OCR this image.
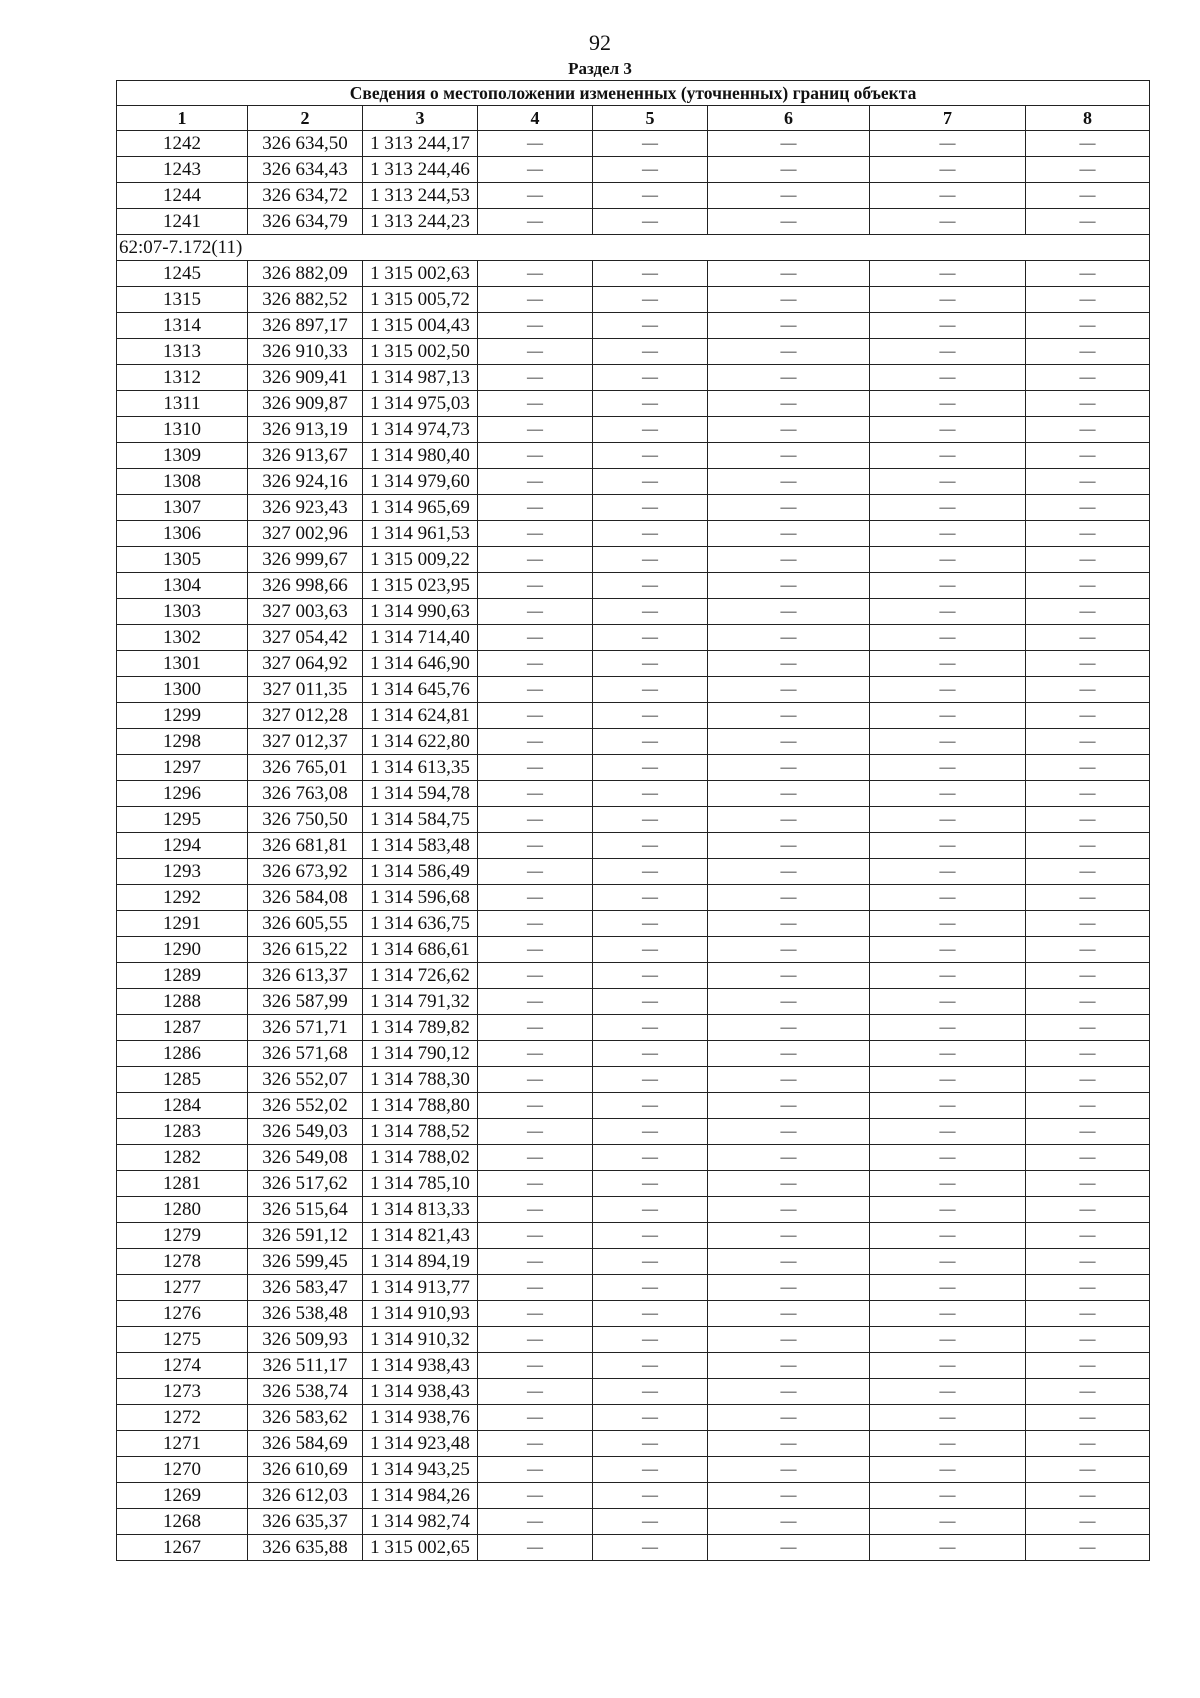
92
Раздел 3
Сведения о местоположении измененных (уточненных) границ объекта							
1	2	3	4	5	6	7	8
1242	326 634,50	1 313 244,17	—	—	—	—	—
1243	326 634,43	1 313 244,46	—	—	—	—	—
1244	326 634,72	1 313 244,53	—	—	—	—	—
1241	326 634,79	1 313 244,23	—	—	—	—	—
62:07-7.172(11)							
1245	326 882,09	1 315 002,63	—	—	—	—	—
1315	326 882,52	1 315 005,72	—	—	—	—	—
1314	326 897,17	1 315 004,43	—	—	—	—	—
1313	326 910,33	1 315 002,50	—	—	—	—	—
1312	326 909,41	1 314 987,13	—	—	—	—	—
1311	326 909,87	1 314 975,03	—	—	—	—	—
1310	326 913,19	1 314 974,73	—	—	—	—	—
1309	326 913,67	1 314 980,40	—	—	—	—	—
1308	326 924,16	1 314 979,60	—	—	—	—	—
1307	326 923,43	1 314 965,69	—	—	—	—	—
1306	327 002,96	1 314 961,53	—	—	—	—	—
1305	326 999,67	1 315 009,22	—	—	—	—	—
1304	326 998,66	1 315 023,95	—	—	—	—	—
1303	327 003,63	1 314 990,63	—	—	—	—	—
1302	327 054,42	1 314 714,40	—	—	—	—	—
1301	327 064,92	1 314 646,90	—	—	—	—	—
1300	327 011,35	1 314 645,76	—	—	—	—	—
1299	327 012,28	1 314 624,81	—	—	—	—	—
1298	327 012,37	1 314 622,80	—	—	—	—	—
1297	326 765,01	1 314 613,35	—	—	—	—	—
1296	326 763,08	1 314 594,78	—	—	—	—	—
1295	326 750,50	1 314 584,75	—	—	—	—	—
1294	326 681,81	1 314 583,48	—	—	—	—	—
1293	326 673,92	1 314 586,49	—	—	—	—	—
1292	326 584,08	1 314 596,68	—	—	—	—	—
1291	326 605,55	1 314 636,75	—	—	—	—	—
1290	326 615,22	1 314 686,61	—	—	—	—	—
1289	326 613,37	1 314 726,62	—	—	—	—	—
1288	326 587,99	1 314 791,32	—	—	—	—	—
1287	326 571,71	1 314 789,82	—	—	—	—	—
1286	326 571,68	1 314 790,12	—	—	—	—	—
1285	326 552,07	1 314 788,30	—	—	—	—	—
1284	326 552,02	1 314 788,80	—	—	—	—	—
1283	326 549,03	1 314 788,52	—	—	—	—	—
1282	326 549,08	1 314 788,02	—	—	—	—	—
1281	326 517,62	1 314 785,10	—	—	—	—	—
1280	326 515,64	1 314 813,33	—	—	—	—	—
1279	326 591,12	1 314 821,43	—	—	—	—	—
1278	326 599,45	1 314 894,19	—	—	—	—	—
1277	326 583,47	1 314 913,77	—	—	—	—	—
1276	326 538,48	1 314 910,93	—	—	—	—	—
1275	326 509,93	1 314 910,32	—	—	—	—	—
1274	326 511,17	1 314 938,43	—	—	—	—	—
1273	326 538,74	1 314 938,43	—	—	—	—	—
1272	326 583,62	1 314 938,76	—	—	—	—	—
1271	326 584,69	1 314 923,48	—	—	—	—	—
1270	326 610,69	1 314 943,25	—	—	—	—	—
1269	326 612,03	1 314 984,26	—	—	—	—	—
1268	326 635,37	1 314 982,74	—	—	—	—	—
1267	326 635,88	1 315 002,65	—	—	—	—	—
